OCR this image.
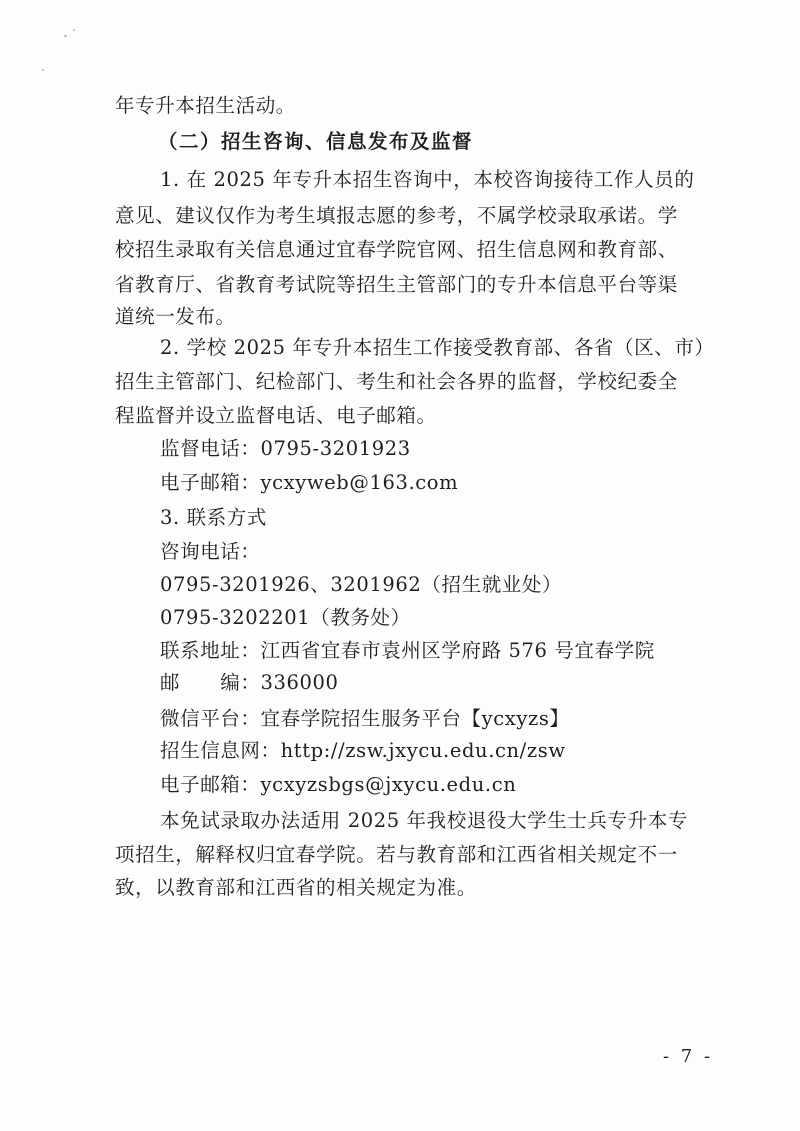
年专升本招生活动。
（二）招生咨询、信息发布及监督
1. 在 2025 年专升本招生咨询中，本校咨询接待工作人员的
意见、建议仅作为考生填报志愿的参考，不属学校录取承诺。学
校招生录取有关信息通过宜春学院官网、招生信息网和教育部、
省教育厅、省教育考试院等招生主管部门的专升本信息平台等渠
道统一发布。
2. 学校 2025 年专升本招生工作接受教育部、各省（区、市）
招生主管部门、纪检部门、考生和社会各界的监督，学校纪委全
程监督并设立监督电话、电子邮箱。
监督电话：0795-3201923
电子邮箱：ycxyweb@163.com
3. 联系方式
咨询电话：
0795-3201926、3201962（招生就业处）
0795-3202201（教务处）
联系地址：江西省宜春市袁州区学府路 576 号宜春学院
邮　　编：336000
微信平台：宜春学院招生服务平台【ycxyzs】
招生信息网：http://zsw.jxycu.edu.cn/zsw
电子邮箱：ycxyzsbgs@jxycu.edu.cn
本免试录取办法适用 2025 年我校退役大学生士兵专升本专
项招生，解释权归宜春学院。若与教育部和江西省相关规定不一
致，以教育部和江西省的相关规定为准。
- 7 -
